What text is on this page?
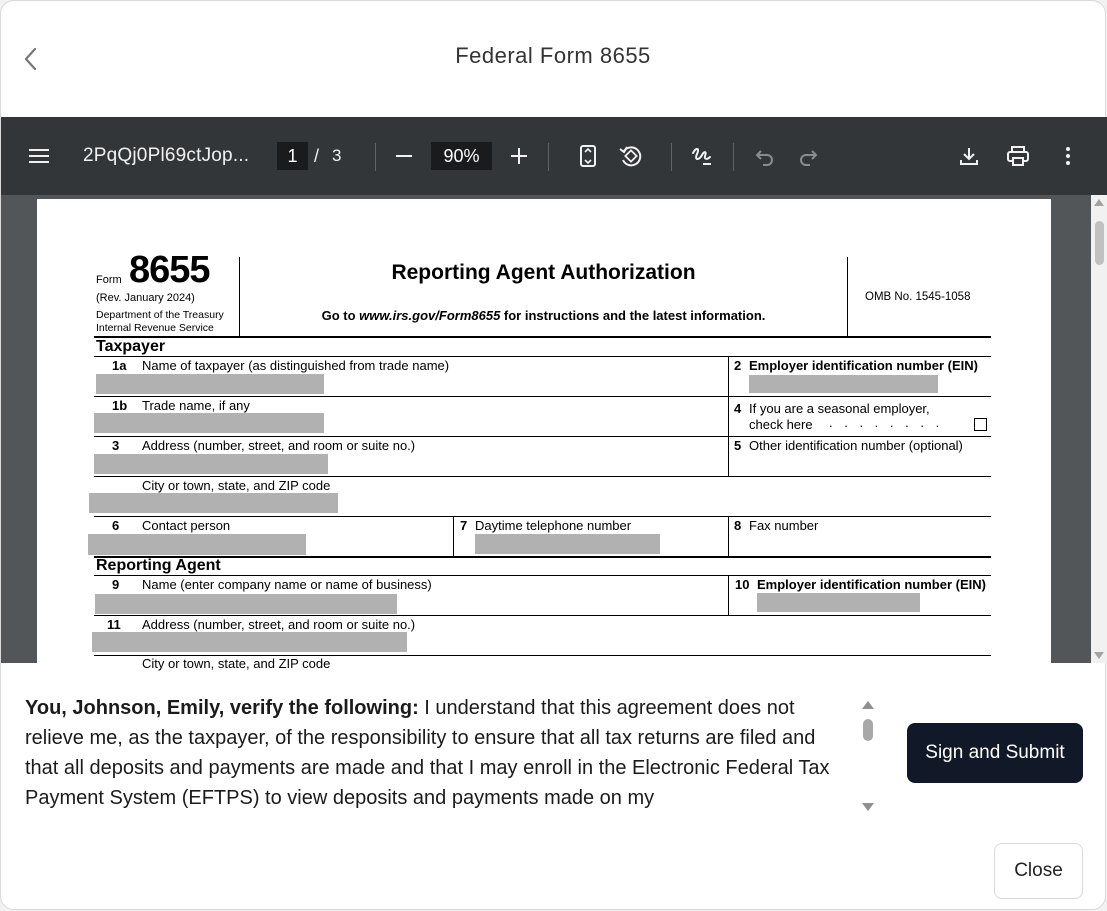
Federal Form 8655
2PqQj0Pl69ctJop...	1 / 3	90%
Form 8655
(Rev. January 2024)
Department of the Treasury
Internal Revenue Service
Reporting Agent Authorization
Go to www.irs.gov/Form8655 for instructions and the latest information.
OMB No. 1545-1058
Taxpayer
1a Name of taxpayer (as distinguished from trade name)	2 Employer identification number (EIN)
1b Trade name, if any	4 If you are a seasonal employer,
check here . . . . . . . .
3 Address (number, street, and room or suite no.)	5 Other identification number (optional)
City or town, state, and ZIP code
6 Contact person	7 Daytime telephone number	8 Fax number
Reporting Agent
9 Name (enter company name or name of business)	10 Employer identification number (EIN)
11 Address (number, street, and room or suite no.)
City or town, state, and ZIP code
You, Johnson, Emily, verify the following: I understand that this agreement does not relieve me, as the taxpayer, of the responsibility to ensure that all tax returns are filed and that all deposits and payments are made and that I may enroll in the Electronic Federal Tax Payment System (EFTPS) to view deposits and payments made on my
Sign and Submit
Close
